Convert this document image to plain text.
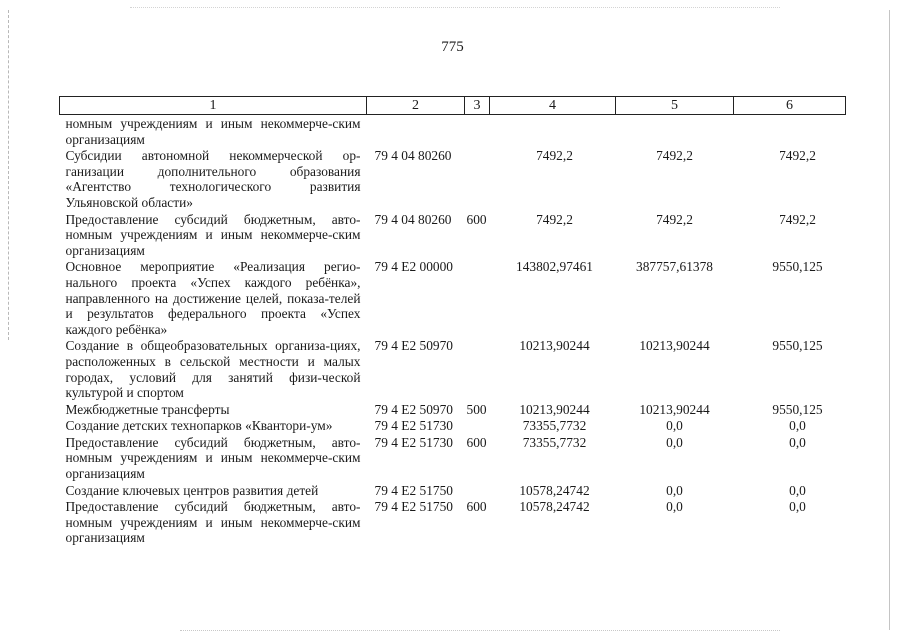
775
1	2	3	4	5	6
номным учреждениям и иным некоммерче-ским организациям					
Субсидии автономной некоммерческой ор-ганизации дополнительного образования «Агентство технологического развития Ульяновской области»	79 4 04 80260		7492,2	7492,2	7492,2
Предоставление субсидий бюджетным, авто-номным учреждениям и иным некоммерче-ским организациям	79 4 04 80260	600	7492,2	7492,2	7492,2
Основное мероприятие «Реализация регио-нального проекта «Успех каждого ребёнка», направленного на достижение целей, показа-телей и результатов федерального проекта «Успех каждого ребёнка»	79 4 E2 00000		143802,97461	387757,61378	9550,125
Создание в общеобразовательных организа-циях, расположенных в сельской местности и малых городах, условий для занятий физи-ческой культурой и спортом	79 4 E2 50970		10213,90244	10213,90244	9550,125
Межбюджетные трансферты	79 4 E2 50970	500	10213,90244	10213,90244	9550,125
Создание детских технопарков «Квантори-ум»	79 4 E2 51730		73355,7732	0,0	0,0
Предоставление субсидий бюджетным, авто-номным учреждениям и иным некоммерче-ским организациям	79 4 E2 51730	600	73355,7732	0,0	0,0
Создание ключевых центров развития детей	79 4 E2 51750		10578,24742	0,0	0,0
Предоставление субсидий бюджетным, авто-номным учреждениям и иным некоммерче-ским организациям	79 4 E2 51750	600	10578,24742	0,0	0,0
